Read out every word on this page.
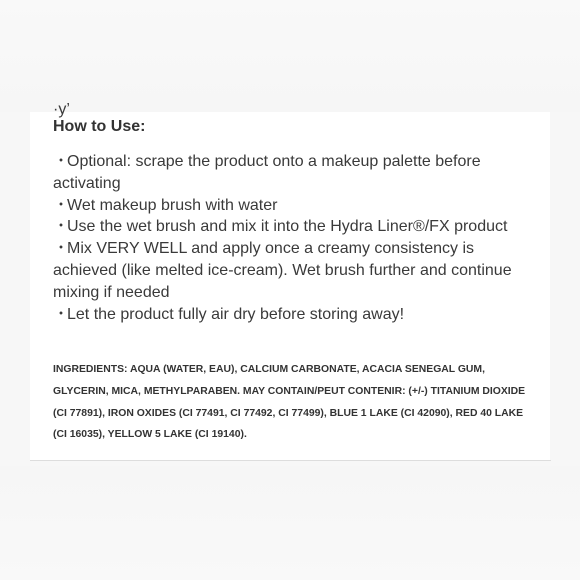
·y’
How to Use:
・Optional: scrape the product onto a makeup palette before activating
・Wet makeup brush with water
・Use the wet brush and mix it into the Hydra Liner®/FX product
・Mix VERY WELL and apply once a creamy consistency is achieved (like melted ice-cream). Wet brush further and continue mixing if needed
・Let the product fully air dry before storing away!

INGREDIENTS: AQUA (WATER, EAU), CALCIUM CARBONATE, ACACIA SENEGAL GUM, GLYCERIN, MICA, METHYLPARABEN. MAY CONTAIN/PEUT CONTENIR: (+/-) TITANIUM DIOXIDE (CI 77891), IRON OXIDES (CI 77491, CI 77492, CI 77499), BLUE 1 LAKE (CI 42090), RED 40 LAKE (CI 16035), YELLOW 5 LAKE (CI 19140).
